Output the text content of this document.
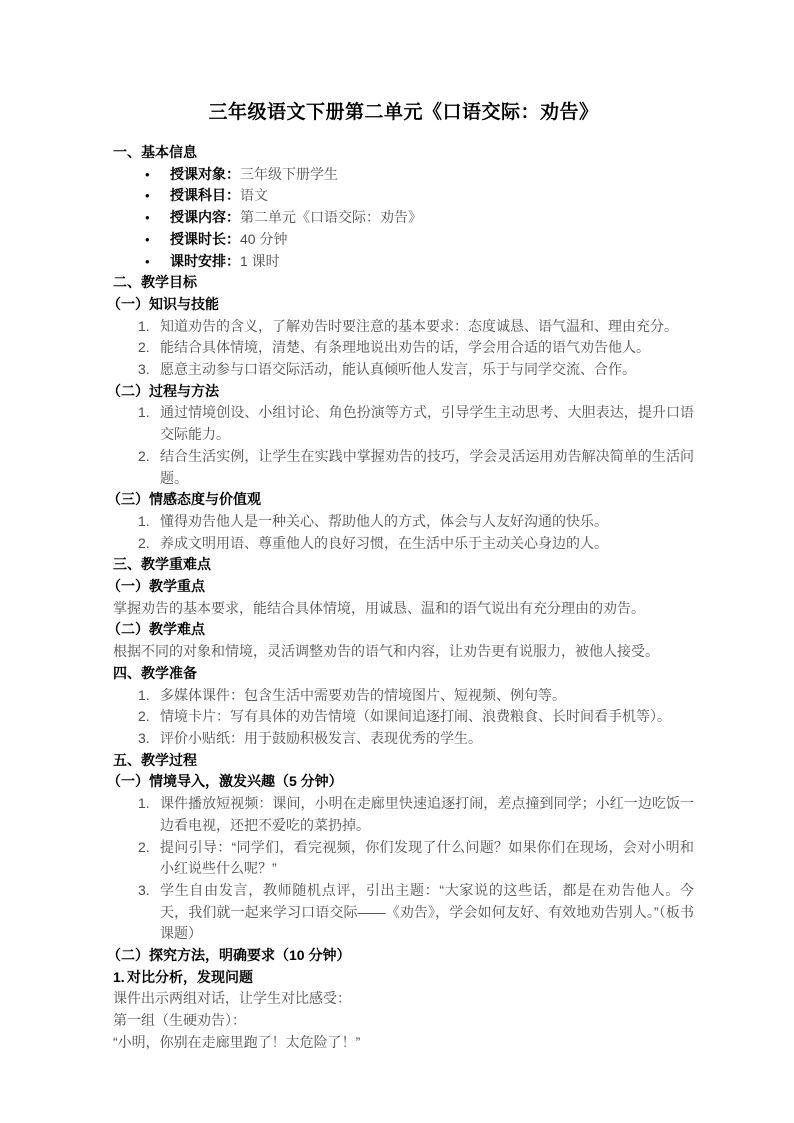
三年级语文下册第二单元《口语交际：劝告》
一、基本信息
•	授课对象：三年级下册学生
•	授课科目：语文
•	授课内容：第二单元《口语交际：劝告》
•	授课时长：40 分钟
•	课时安排：1 课时
二、教学目标
（一）知识与技能
1. 知道劝告的含义，了解劝告时要注意的基本要求：态度诚恳、语气温和、理由充分。
2. 能结合具体情境，清楚、有条理地说出劝告的话，学会用合适的语气劝告他人。
3. 愿意主动参与口语交际活动，能认真倾听他人发言，乐于与同学交流、合作。
（二）过程与方法
1. 通过情境创设、小组讨论、角色扮演等方式，引导学生主动思考、大胆表达，提升口语交际能力。
2. 结合生活实例，让学生在实践中掌握劝告的技巧，学会灵活运用劝告解决简单的生活问题。
（三）情感态度与价值观
1. 懂得劝告他人是一种关心、帮助他人的方式，体会与人友好沟通的快乐。
2. 养成文明用语、尊重他人的良好习惯，在生活中乐于主动关心身边的人。
三、教学重难点
（一）教学重点
掌握劝告的基本要求，能结合具体情境，用诚恳、温和的语气说出有充分理由的劝告。
（二）教学难点
根据不同的对象和情境，灵活调整劝告的语气和内容，让劝告更有说服力，被他人接受。
四、教学准备
1. 多媒体课件：包含生活中需要劝告的情境图片、短视频、例句等。
2. 情境卡片：写有具体的劝告情境（如课间追逐打闹、浪费粮食、长时间看手机等）。
3. 评价小贴纸：用于鼓励积极发言、表现优秀的学生。
五、教学过程
（一）情境导入，激发兴趣（5 分钟）
1. 课件播放短视频：课间，小明在走廊里快速追逐打闹，差点撞到同学；小红一边吃饭一边看电视，还把不爱吃的菜扔掉。
2. 提问引导：“同学们，看完视频，你们发现了什么问题？如果你们在现场，会对小明和小红说些什么呢？”
3. 学生自由发言，教师随机点评，引出主题：“大家说的这些话，都是在劝告他人。今天，我们就一起来学习口语交际——《劝告》，学会如何友好、有效地劝告别人。”（板书课题）
（二）探究方法，明确要求（10 分钟）
1. 对比分析，发现问题
课件出示两组对话，让学生对比感受：
第一组（生硬劝告）：
“小明，你别在走廊里跑了！太危险了！”
